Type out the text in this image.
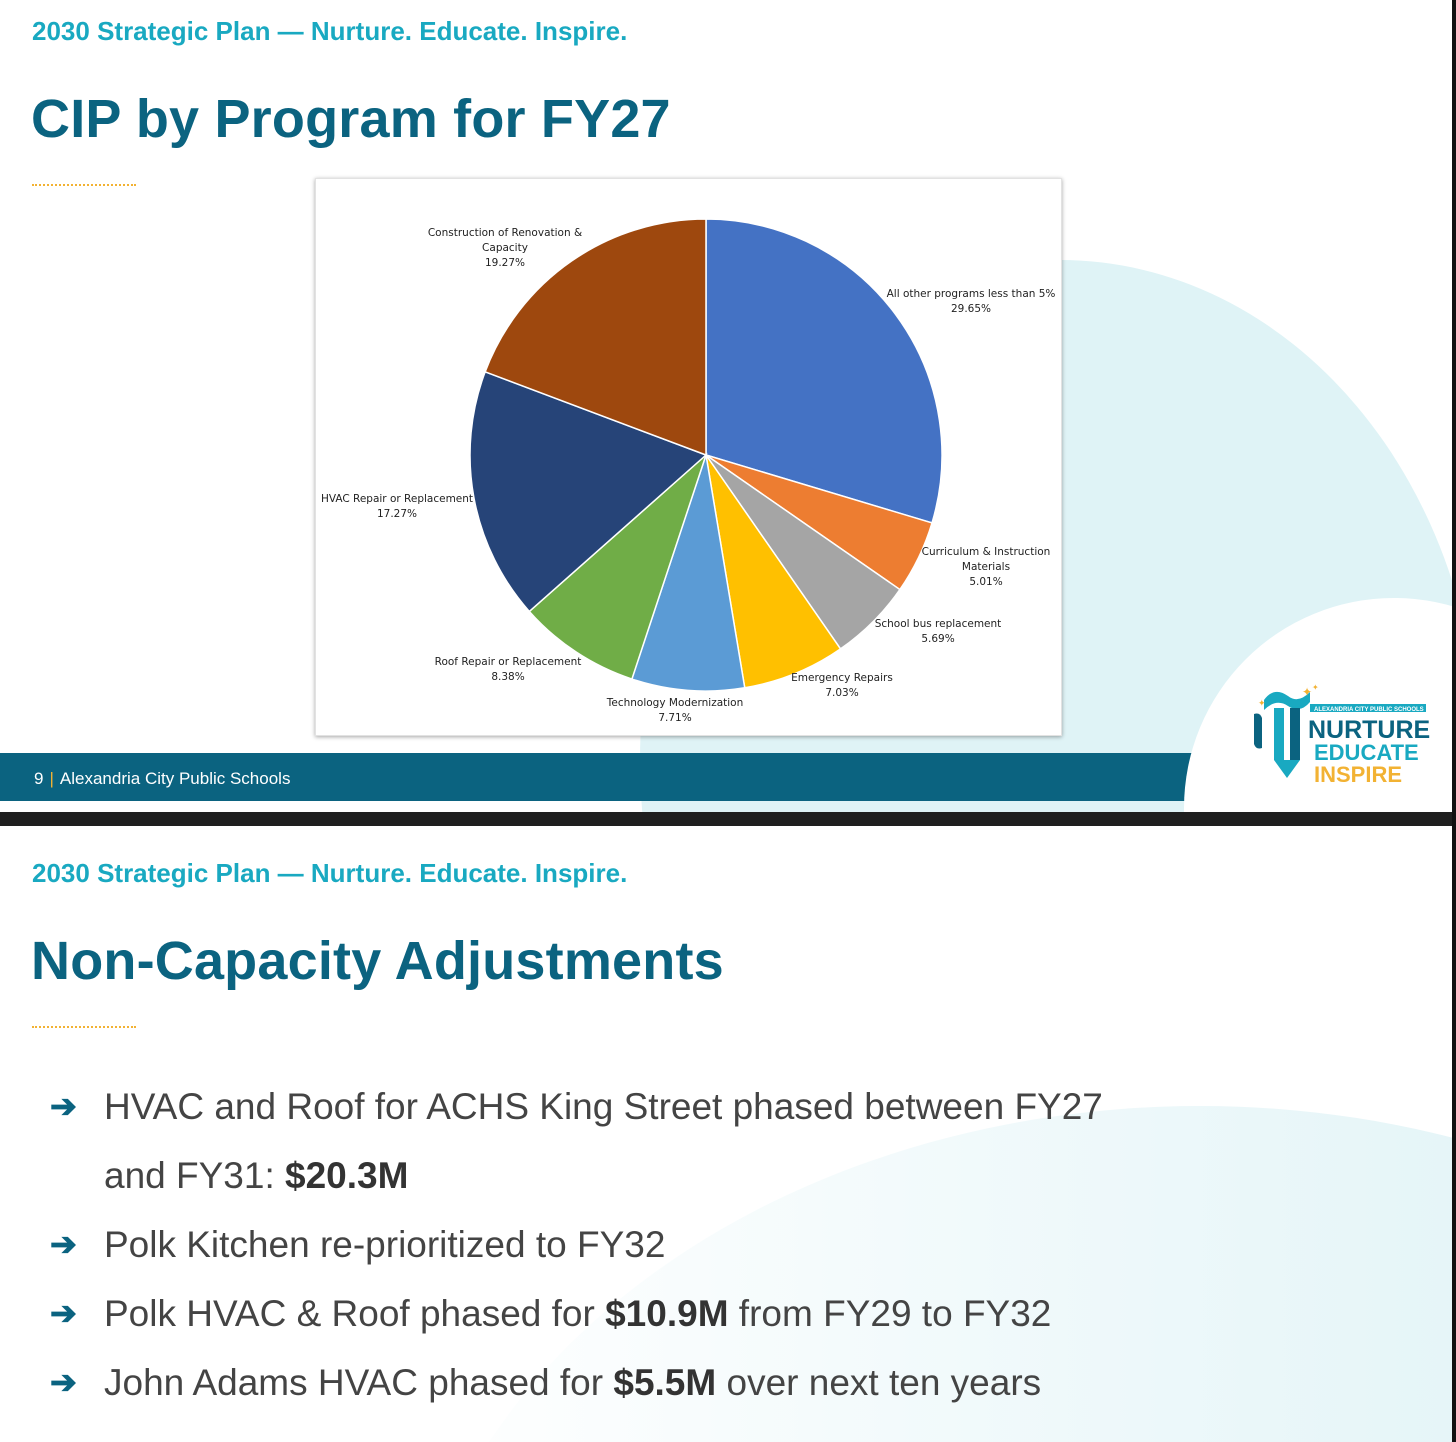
2030 Strategic Plan — Nurture. Educate. Inspire.
CIP by Program for FY27
All other programs less than 5% 29.65%
Curriculum & Instruction Materials 5.01%
School bus replacement 5.69%
Emergency Repairs 7.03%
Technology Modernization 7.71%
Roof Repair or Replacement 8.38%
HVAC Repair or Replacement 17.27%
Construction of Renovation & Capacity 19.27%
9 | Alexandria City Public Schools
✦ ✦
✦
ALEXANDRIA CITY PUBLIC SCHOOLS
NURTURE
EDUCATE
INSPIRE
2030 Strategic Plan — Nurture. Educate. Inspire.
Non-Capacity Adjustments
➔ HVAC and Roof for ACHS King Street phased between FY27
and FY31: $20.3M
➔ Polk Kitchen re-prioritized to FY32
➔ Polk HVAC & Roof phased for $10.9M from FY29 to FY32
➔ John Adams HVAC phased for $5.5M over next ten years
